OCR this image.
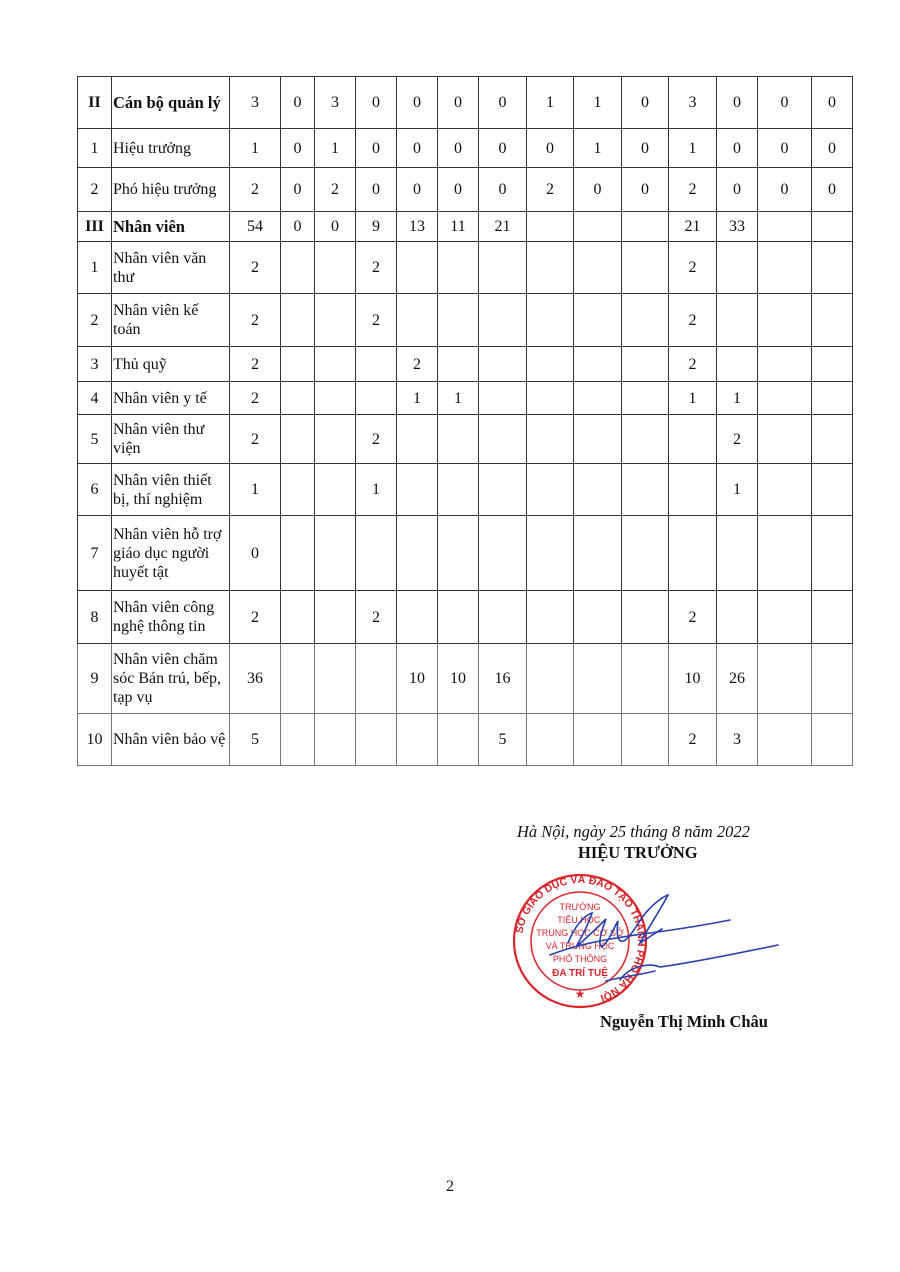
II	Cán bộ quản lý	3	0	3	0	0	0	0	1	1	0	3	0	0	0
1	Hiệu trưởng	1	0	1	0	0	0	0	0	1	0	1	0	0	0
2	Phó hiệu trưởng	2	0	2	0	0	0	0	2	0	0	2	0	0	0
III	Nhân viên	54	0	0	9	13	11	21				21	33		
1	Nhân viên văn thư	2			2							2			
2	Nhân viên kế toán	2			2							2			
3	Thủ quỹ	2				2						2			
4	Nhân viên y tế	2				1	1					1	1		
5	Nhân viên thư viện	2			2								2		
6	Nhân viên thiết bị, thí nghiệm	1			1								1		
7	Nhân viên hỗ trợ giáo dục người huyết tật	0													
8	Nhân viên công nghệ thông tin	2			2							2			
9	Nhân viên chăm sóc Bán trú, bếp, tạp vụ	36				10	10	16				10	26		
10	Nhân viên bảo vệ	5						5				2	3		
Hà Nội, ngày 25 tháng 8 năm 2022
HIỆU TRƯỞNG
SỞ GIÁO DỤC VÀ ĐÀO TẠO THÀNH PHỐ HÀ NỘI
TRƯỜNG
TIỂU HỌC,
TRUNG HỌC CƠ SỞ
VÀ TRUNG HỌC
PHỔ THÔNG
ĐA TRÍ TUỆ
★
Nguyễn Thị Minh Châu
2
